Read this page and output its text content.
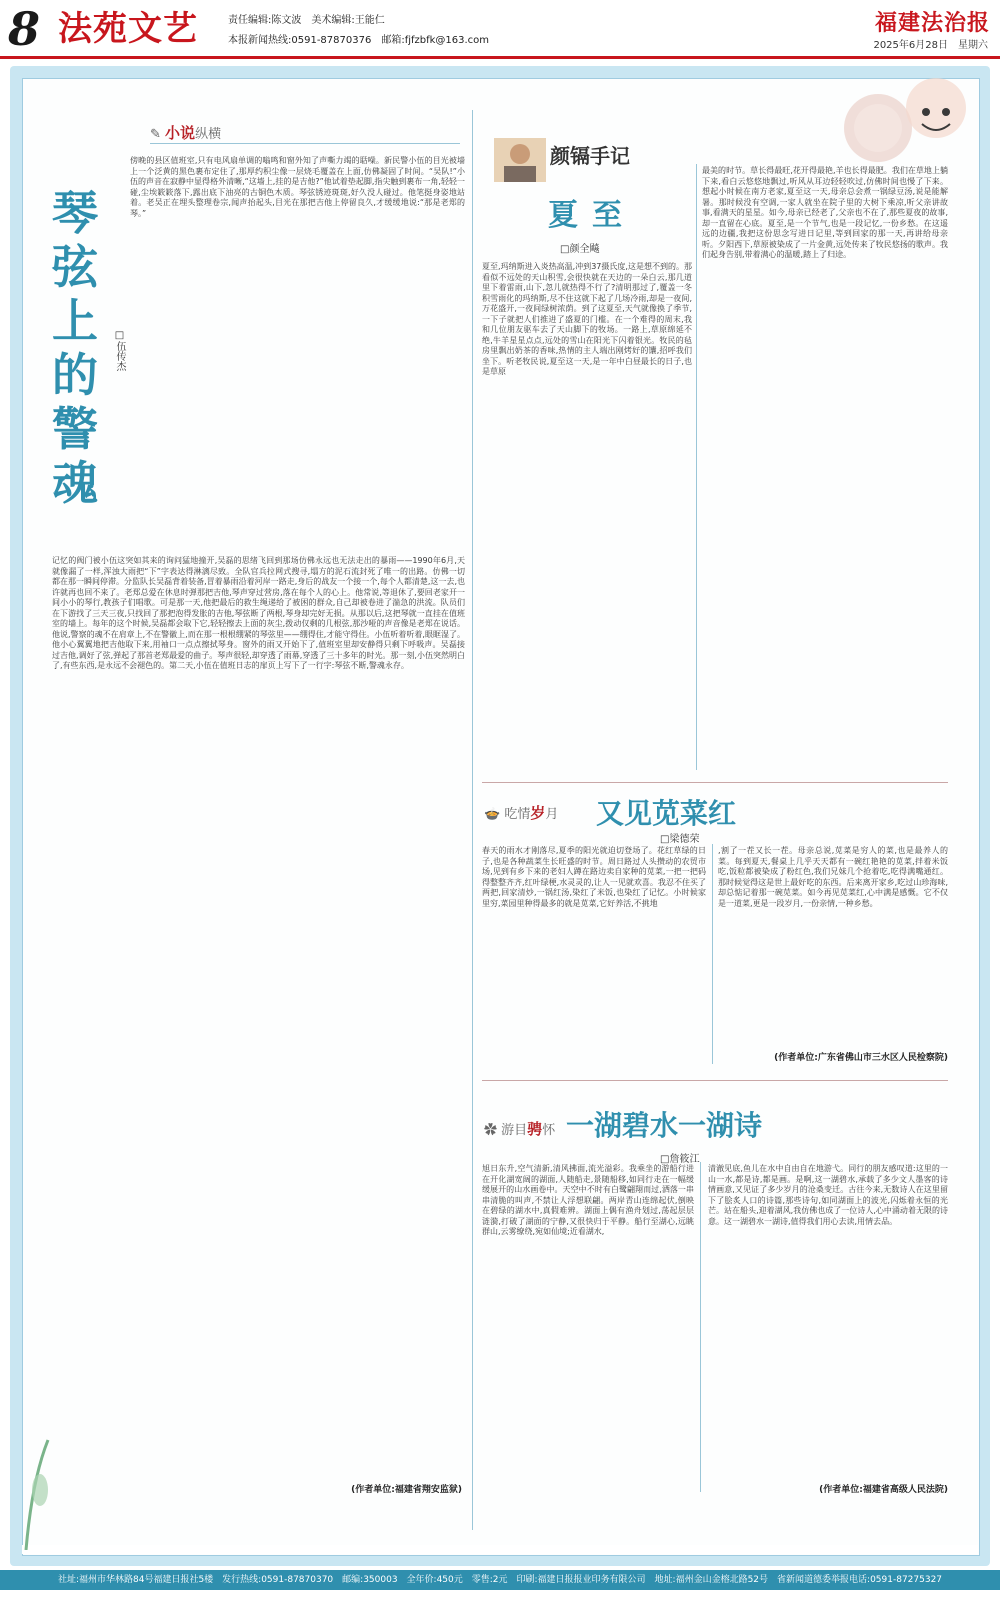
8 法苑文艺	责任编辑:陈文波　美术编辑:王能仁
本报新闻热线:0591-87870376　邮箱:fjfzbfk@163.com
福建法治报
2025年6月28日　星期六
✎ 小说纵横
琴
弦
上
的
警
魂
□伍传杰
傍晚的县区值班室,只有电风扇单调的嗡鸣和窗外知了声嘶力竭的聒噪。新民警小伍的目光被墙上一个泛黄的黑色裹布定住了,那厚约积尘像一层烧毛覆盖在上面,仿佛凝固了时间。“吴队!”小伍的声音在寂静中显得格外清晰,“这墙上,挂的是吉他?”他试着垫起脚,指尖触到裹布一角,轻轻一碰,尘埃簌簌落下,露出底下油亮的古铜色木质。琴弦锈迹斑斑,好久没人碰过。他笔挺身姿地站着。老吴正在埋头整理卷宗,闻声抬起头,目光在那把吉他上停留良久,才缓缓地说:“那是老郑的琴。”
记忆的阀门被小伍这突如其来的询问猛地撞开,吴磊的思绪飞回到那场仿佛永远也无法走出的暴雨——1990年6月,天就像漏了一样,浑浊大雨把“下”字表达得淋漓尽致。全队官兵拉网式搜寻,塌方的泥石流封死了唯一的出路。仿佛一切都在那一瞬间停滞。分监队长吴磊背着装备,冒着暴雨沿着河岸一路走,身后的战友一个接一个,每个人都清楚,这一去,也许就再也回不来了。老郑总爱在休息时弹那把吉他,琴声穿过营房,落在每个人的心上。他常说,等退休了,要回老家开一间小小的琴行,教孩子们唱歌。可是那一天,他把最后的救生绳递给了被困的群众,自己却被卷进了湍急的洪流。队员们在下游找了三天三夜,只找回了那把泡得发胀的吉他,琴弦断了两根,琴身却完好无损。从那以后,这把琴就一直挂在值班室的墙上。每年的这个时候,吴磊都会取下它,轻轻擦去上面的灰尘,拨动仅剩的几根弦,那沙哑的声音像是老郑在说话。他说,警察的魂不在肩章上,不在警徽上,而在那一根根绷紧的琴弦里——绷得住,才能守得住。小伍听着听着,眼眶湿了。他小心翼翼地把吉他取下来,用袖口一点点擦拭琴身。窗外的雨又开始下了,值班室里却安静得只剩下呼吸声。吴磊接过吉他,调好了弦,弹起了那首老郑最爱的曲子。琴声很轻,却穿透了雨幕,穿透了三十多年的时光。那一刻,小伍突然明白了,有些东西,是永远不会褪色的。第二天,小伍在值班日志的扉页上写下了一行字:琴弦不断,警魂永存。
(作者单位:福建省翔安监狱)
颜镉手记
夏至
□颜全飚
夏至,玛纳斯进入炎热高温,冲到37摄氏度,这是想不到的。那看似不远处的天山积雪,会很快就在天边的一朵白云,那几道里下着雷雨,山下,忽儿就热得不行了?清明那过了,覆盖一冬积雪雨化的玛纳斯,尽不住这就下起了几场冷雨,却是一夜间,万花盛开,一夜间绿树浓荫。到了这夏至,天气就像换了季节,一下子就把人们推进了盛夏的门槛。在一个难得的周末,我和几位朋友驱车去了天山脚下的牧场。一路上,草原绵延不绝,牛羊星星点点,远处的雪山在阳光下闪着银光。牧民的毡房里飘出奶茶的香味,热情的主人端出刚烤好的馕,招呼我们坐下。听老牧民说,夏至这一天,是一年中白昼最长的日子,也是草原
最美的时节。草长得最旺,花开得最艳,羊也长得最肥。我们在草地上躺下来,看白云悠悠地飘过,听风从耳边轻轻吹过,仿佛时间也慢了下来。想起小时候在南方老家,夏至这一天,母亲总会煮一锅绿豆汤,说是能解暑。那时候没有空调,一家人就坐在院子里的大树下乘凉,听父亲讲故事,看满天的星星。如今,母亲已经老了,父亲也不在了,那些夏夜的故事,却一直留在心底。夏至,是一个节气,也是一段记忆,一份乡愁。在这遥远的边疆,我把这份思念写进日记里,等到回家的那一天,再讲给母亲听。夕阳西下,草原被染成了一片金黄,远处传来了牧民悠扬的歌声。我们起身告别,带着满心的温暖,踏上了归途。
🍲 吃情岁月 又见苋菜红
□梁德荣
春天的雨水才刚落尽,夏季的阳光就迫切登场了。花红草绿的日子,也是各种蔬菜生长旺盛的时节。周日路过人头攒动的农贸市场,见到有乡下来的老妇人蹲在路边卖自家种的苋菜,一把一把码得整整齐齐,红叶绿梗,水灵灵的,让人一见就欢喜。我忍不住买了两把,回家清炒,一锅红汤,染红了米饭,也染红了记忆。小时候家里穷,菜园里种得最多的就是苋菜,它好养活,不挑地
,割了一茬又长一茬。母亲总说,苋菜是穷人的菜,也是最养人的菜。每到夏天,餐桌上几乎天天都有一碗红艳艳的苋菜,拌着米饭吃,饭粒都被染成了粉红色,我们兄妹几个抢着吃,吃得满嘴通红。那时候觉得这是世上最好吃的东西。后来离开家乡,吃过山珍海味,却总惦记着那一碗苋菜。如今再见苋菜红,心中满是感慨。它不仅是一道菜,更是一段岁月,一份亲情,一种乡愁。
(作者单位:广东省佛山市三水区人民检察院)
✿ 游目骋怀 一湖碧水一湖诗
□詹筱江
旭日东升,空气清新,清风拂面,流光溢彩。我乘坐的游船行进在开化湖宽阔的湖面,人随船走,景随船移,如同行走在一幅缓缓展开的山水画卷中。天空中不时有白鹭翩翔而过,洒落一串串清脆的叫声,不禁让人浮想联翩。两岸青山连绵起伏,倒映在碧绿的湖水中,真假难辨。湖面上偶有渔舟划过,荡起层层涟漪,打破了湖面的宁静,又很快归于平静。船行至湖心,远眺群山,云雾缭绕,宛如仙境;近看湖水,
清澈见底,鱼儿在水中自由自在地游弋。同行的朋友感叹道:这里的一山一水,都是诗,都是画。是啊,这一湖碧水,承载了多少文人墨客的诗情画意,又见证了多少岁月的沧桑变迁。古往今来,无数诗人在这里留下了脍炙人口的诗篇,那些诗句,如同湖面上的波光,闪烁着永恒的光芒。站在船头,迎着湖风,我仿佛也成了一位诗人,心中涌动着无限的诗意。这一湖碧水一湖诗,值得我们用心去读,用情去品。
(作者单位:福建省高级人民法院)
社址:福州市华林路84号福建日报社5楼　发行热线:0591-87870370　邮编:350003　全年价:450元　零售:2元　印刷:福建日报报业印务有限公司　地址:福州金山金榕北路52号　省新闻道德委举报电话:0591-87275327
